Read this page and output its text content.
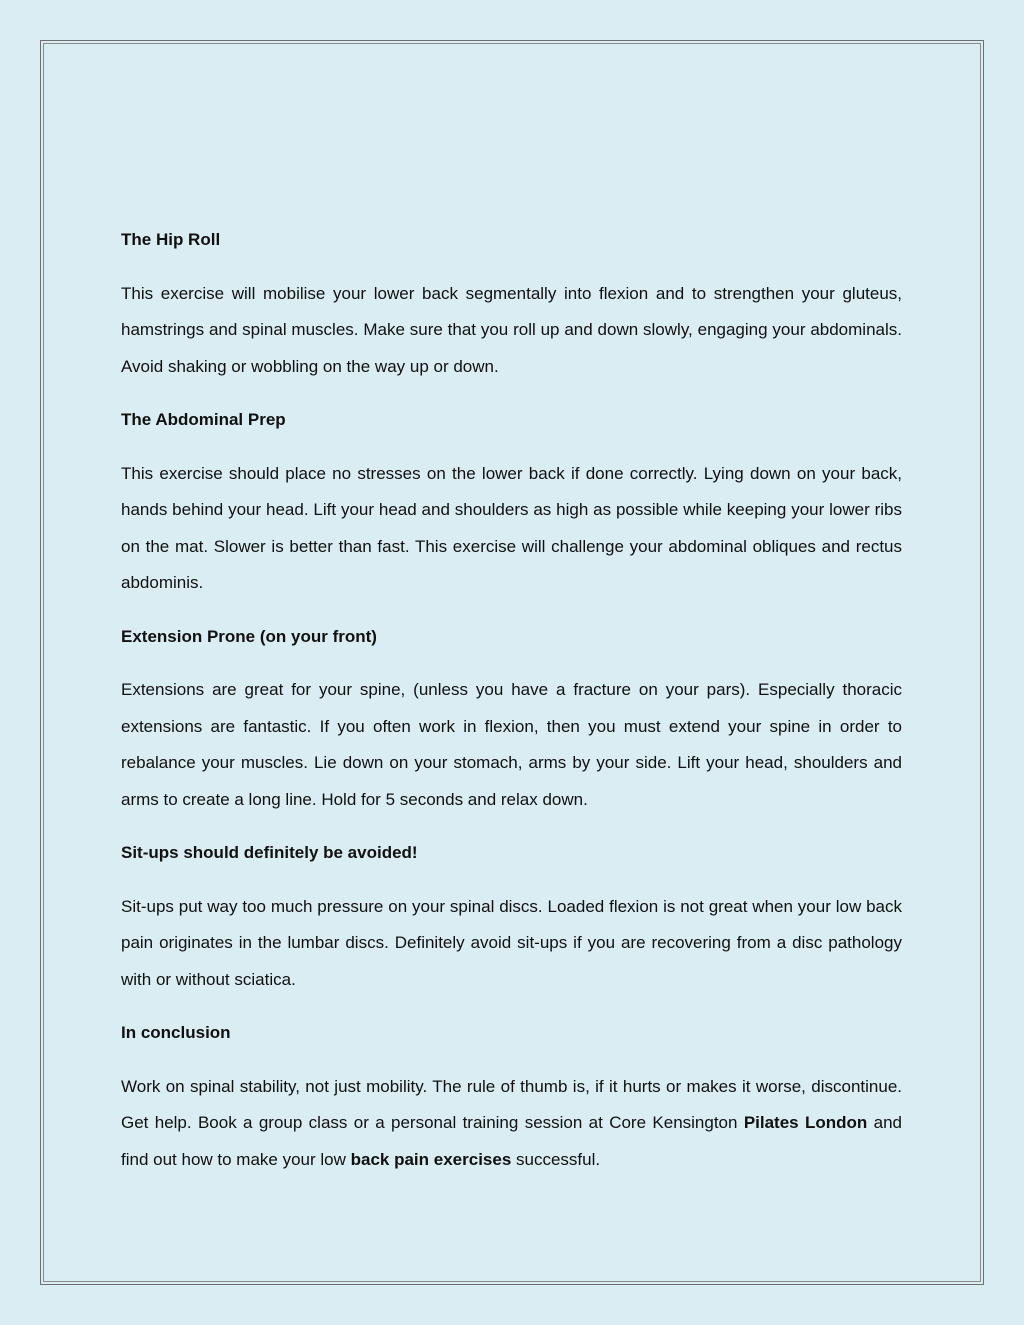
The Hip Roll
This exercise will mobilise your lower back segmentally into flexion and to strengthen your gluteus, hamstrings and spinal muscles. Make sure that you roll up and down slowly, engaging your abdominals. Avoid shaking or wobbling on the way up or down.
The Abdominal Prep
This exercise should place no stresses on the lower back if done correctly. Lying down on your back, hands behind your head. Lift your head and shoulders as high as possible while keeping your lower ribs on the mat. Slower is better than fast. This exercise will challenge your abdominal obliques and rectus abdominis.
Extension Prone (on your front)
Extensions are great for your spine, (unless you have a fracture on your pars). Especially thoracic extensions are fantastic. If you often work in flexion, then you must extend your spine in order to rebalance your muscles. Lie down on your stomach, arms by your side. Lift your head, shoulders and arms to create a long line. Hold for 5 seconds and relax down.
Sit-ups should definitely be avoided!
Sit-ups put way too much pressure on your spinal discs. Loaded flexion is not great when your low back pain originates in the lumbar discs. Definitely avoid sit-ups if you are recovering from a disc pathology with or without sciatica.
In conclusion
Work on spinal stability, not just mobility. The rule of thumb is, if it hurts or makes it worse, discontinue. Get help. Book a group class or a personal training session at Core Kensington Pilates London and find out how to make your low back pain exercises successful.
